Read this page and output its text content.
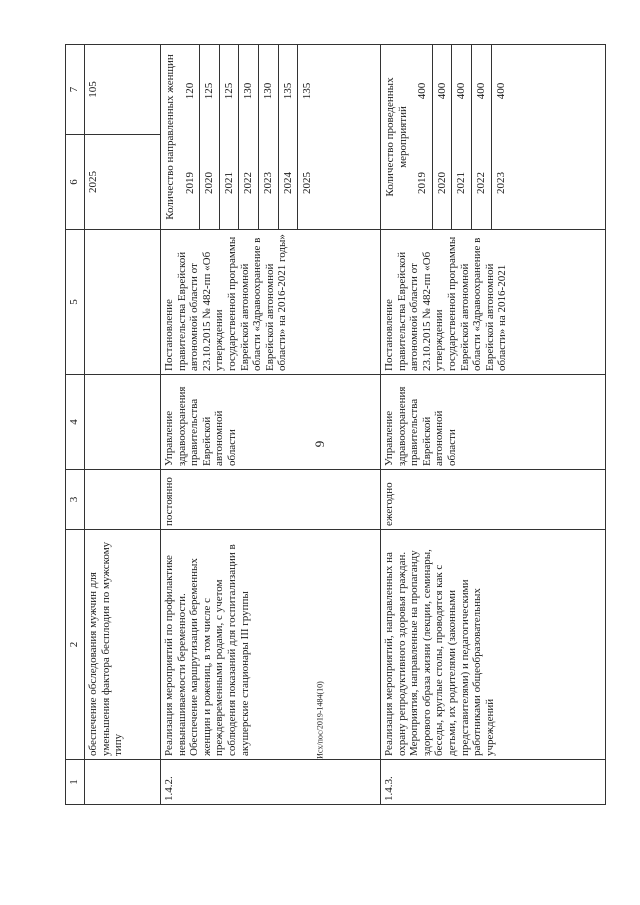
9
Исх/пос/2019-1484(10)
1	2	3	4	5	6	7
	обеспечение обследования мужчин для уменьшения фактора бесплодия по мужскому типу				2025	105
1.4.2.	Реализация мероприятий по профилактике невынашиваемости беременности. Обеспечение маршрутизации беременных женщин и рожениц, в том числе с преждевременными родами, с учетом соблюдения показаний для госпитализации в акушерские стационары III группы	постоянно	Управление здравоохранения правительства Еврейской автономной области	Постановление правительства Еврейской автономной области от 23.10.2015 № 482-пп «Об утверждении государственной программы Еврейской автономной области «Здравоохранение в Еврейской автономной области» на 2016-2021 годы»	
Количество направленных женщин 2019	120
2020	125
2021	125
2022	130
2023	130
2024	135
2025	135

1.4.3.	Реализация мероприятий, направленных на охрану репродуктивного здоровья граждан. Мероприятия, направленные на пропаганду здорового образа жизни (лекции, семинары, беседы, круглые столы, проводятся как с детьми, их родителями (законными представителями) и педагогическими работниками общеобразовательных учреждений	ежегодно	Управление здравоохранения правительства Еврейской автономной области	Постановление правительства Еврейской автономной области от 23.10.2015 № 482-пп «Об утверждении государственной программы Еврейской автономной области «Здравоохранение в Еврейской автономной области» на 2016-2021	
Количество проведенных мероприятий
2019	400
2020	400
2021	400
2022	400
2023	400
